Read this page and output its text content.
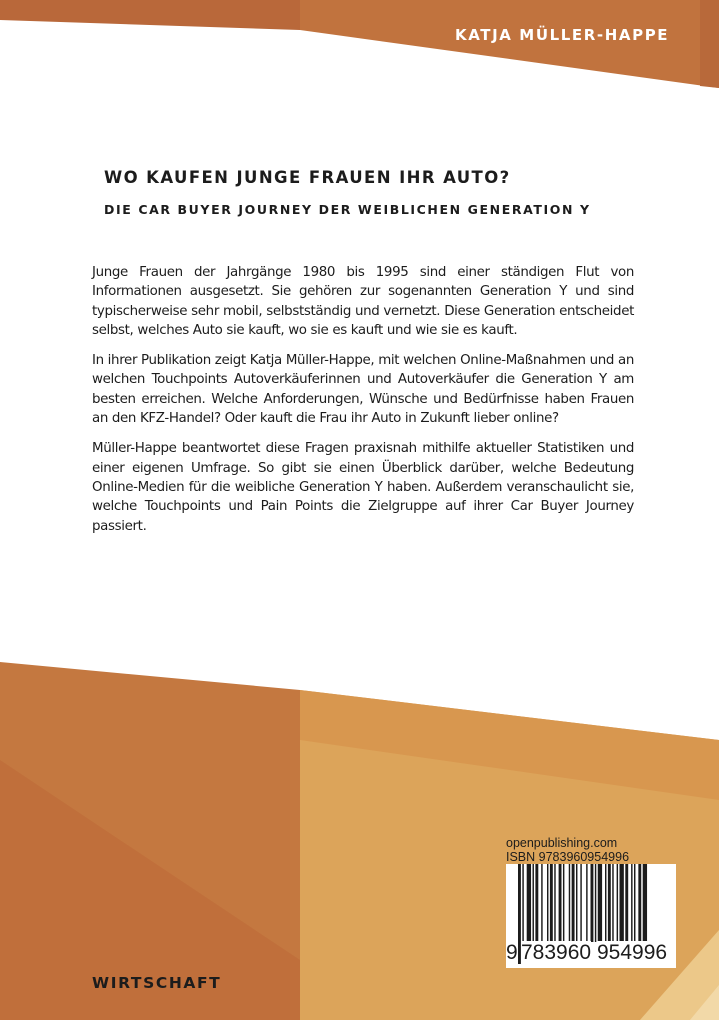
KATJA MÜLLER-HAPPE
WO KAUFEN JUNGE FRAUEN IHR AUTO?
DIE CAR BUYER JOURNEY DER WEIBLICHEN GENERATION Y

Junge Frauen der Jahrgänge 1980 bis 1995 sind einer ständigen Flut von Informationen ausgesetzt. Sie gehören zur sogenannten Generation Y und sind typischerweise sehr mobil, selbstständig und vernetzt. Diese Generation entscheidet selbst, welches Auto sie kauft, wo sie es kauft und wie sie es kauft.

In ihrer Publikation zeigt Katja Müller-Happe, mit welchen Online-Maßnahmen und an welchen Touchpoints Autoverkäuferinnen und Autoverkäufer die Generation Y am besten erreichen. Welche Anforderungen, Wünsche und Bedürfnisse haben Frauen an den KFZ-Handel? Oder kauft die Frau ihr Auto in Zukunft lieber online?

Müller-Happe beantwortet diese Fragen praxisnah mithilfe aktueller Statistiken und einer eigenen Umfrage. So gibt sie einen Überblick darüber, welche Bedeutung Online-Medien für die weibliche Generation Y haben. Außerdem veranschaulicht sie, welche Touchpoints und Pain Points die Zielgruppe auf ihrer Car Buyer Journey passiert.

WIRTSCHAFT
openpublishing.com
ISBN 9783960954996
9 783960 954996
